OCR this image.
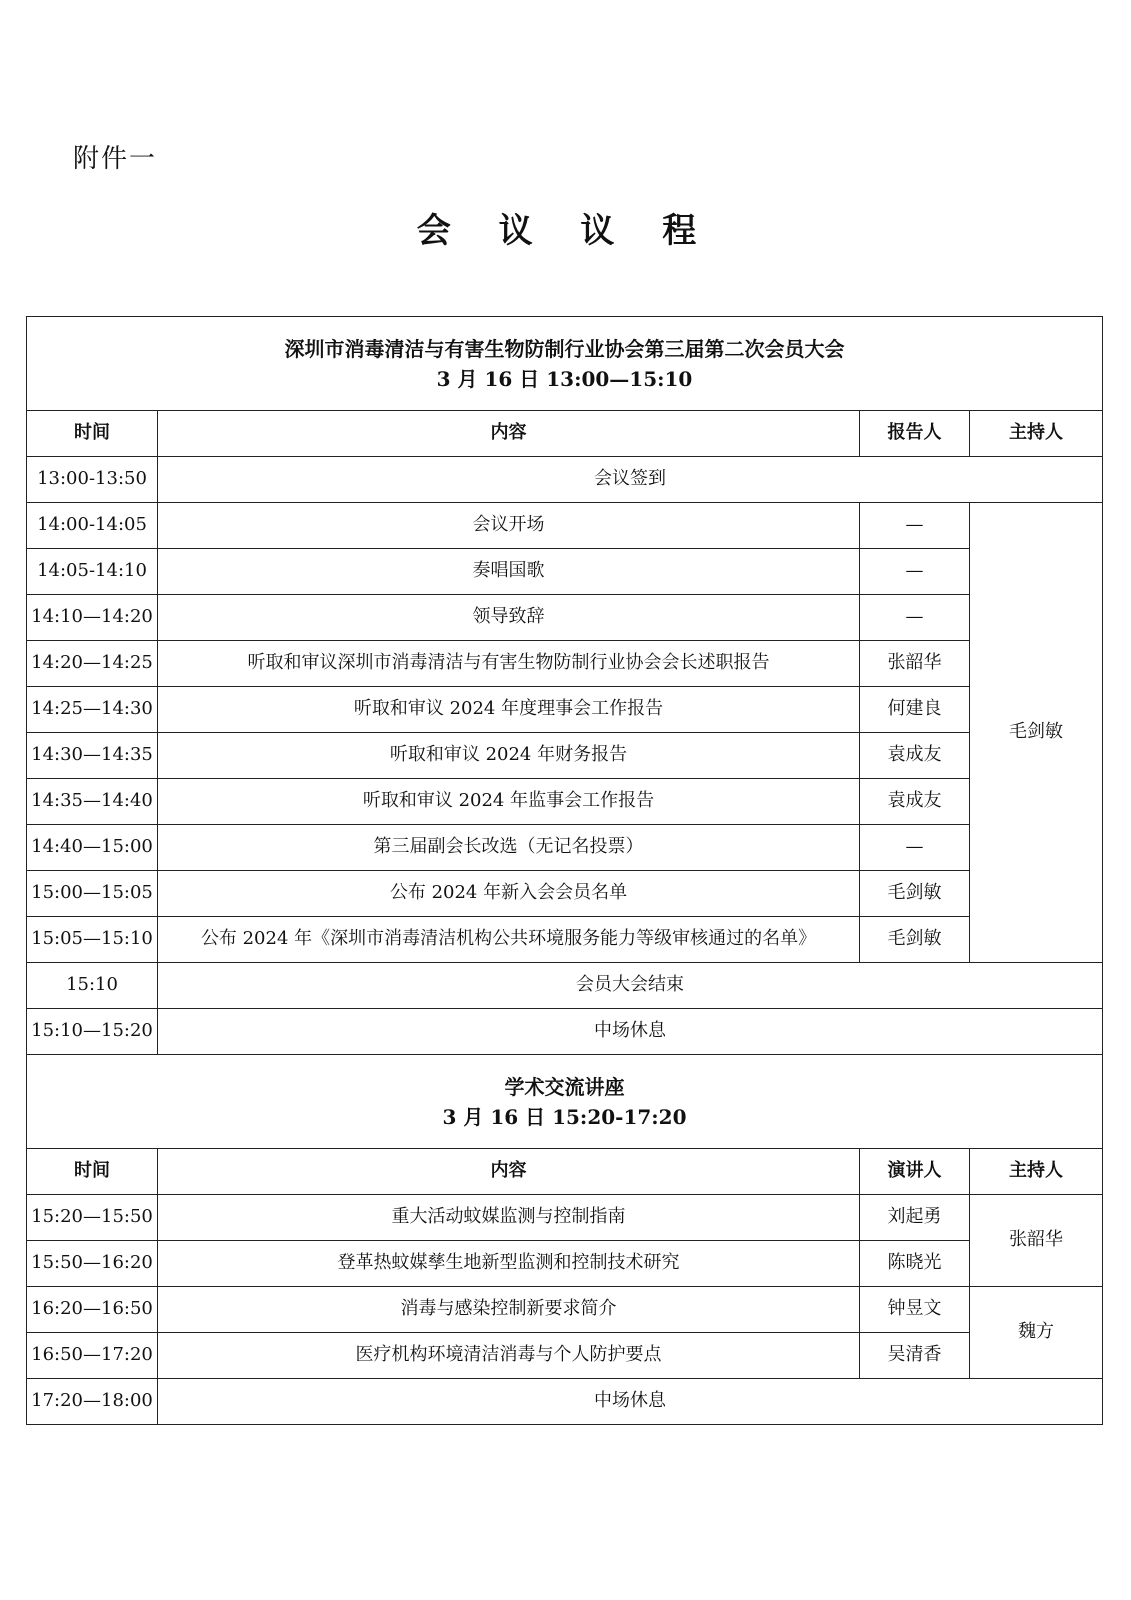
附件一
会 议 议 程
深圳市消毒清洁与有害生物防制行业协会第三届第二次会员大会
3 月 16 日 13:00—15:10			

时间	内容	报告人	主持人
13:00-13:50	会议签到		
14:00-14:05	会议开场	—	毛剑敏
14:05-14:10	奏唱国歌	—	
14:10—14:20	领导致辞	—	
14:20—14:25	听取和审议深圳市消毒清洁与有害生物防制行业协会会长述职报告	张韶华	
14:25—14:30	听取和审议 2024 年度理事会工作报告	何建良	
14:30—14:35	听取和审议 2024 年财务报告	袁成友	
14:35—14:40	听取和审议 2024 年监事会工作报告	袁成友	
14:40—15:00	第三届副会长改选（无记名投票）	—	
15:00—15:05	公布 2024 年新入会会员名单	毛剑敏	
15:05—15:10	公布 2024 年《深圳市消毒清洁机构公共环境服务能力等级审核通过的名单》	毛剑敏	
15:10	会员大会结束		
15:10—15:20	中场休息		

学术交流讲座
3 月 16 日 15:20-17:20			

时间	内容	演讲人	主持人
15:20—15:50	重大活动蚊媒监测与控制指南	刘起勇	张韶华
15:50—16:20	登革热蚊媒孳生地新型监测和控制技术研究	陈晓光	
16:20—16:50	消毒与感染控制新要求简介	钟昱文	魏方
16:50—17:20	医疗机构环境清洁消毒与个人防护要点	吴清香	
17:20—18:00	中场休息		
